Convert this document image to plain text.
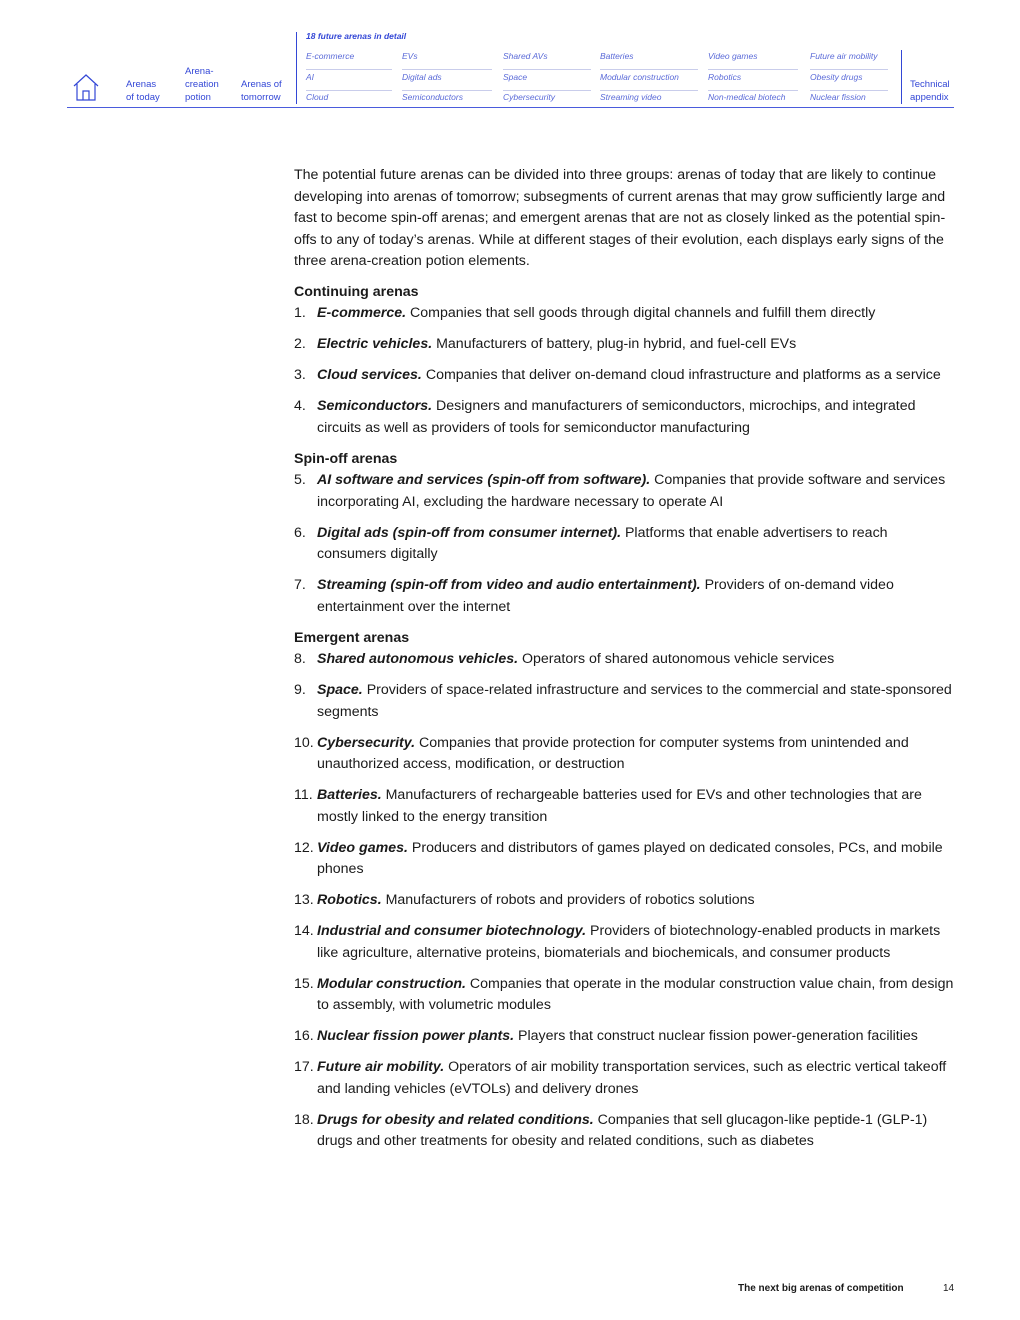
Arenas
of today
Arena-
creation
potion
Arenas of
tomorrow
18 future arenas in detail
E-commerce	EVs	Shared AVs	Batteries	Video games	Future air mobility
AI	Digital ads	Space	Modular construction	Robotics	Obesity drugs
Cloud	Semiconductors	Cybersecurity	Streaming video	Non-medical biotech	Nuclear fission
Technical
appendix

The potential future arenas can be divided into three groups: arenas of today that are likely to continue developing into arenas of tomorrow; subsegments of current arenas that may grow sufficiently large and fast to become spin-off arenas; and emergent arenas that are not as closely linked as the potential spin-offs to any of today’s arenas. While at different stages of their evolution, each displays early signs of the three arena-creation potion elements.

Continuing arenas
1. E-commerce. Companies that sell goods through digital channels and fulfill them directly
2. Electric vehicles. Manufacturers of battery, plug-in hybrid, and fuel-cell EVs
3. Cloud services. Companies that deliver on-demand cloud infrastructure and platforms as a service
4. Semiconductors. Designers and manufacturers of semiconductors, microchips, and integrated circuits as well as providers of tools for semiconductor manufacturing
Spin-off arenas
5. AI software and services (spin-off from software). Companies that provide software and services incorporating AI, excluding the hardware necessary to operate AI
6. Digital ads (spin-off from consumer internet). Platforms that enable advertisers to reach consumers digitally
7. Streaming (spin-off from video and audio entertainment). Providers of on-demand video entertainment over the internet
Emergent arenas
8. Shared autonomous vehicles. Operators of shared autonomous vehicle services
9. Space. Providers of space-related infrastructure and services to the commercial and state-sponsored segments
10. Cybersecurity. Companies that provide protection for computer systems from unintended and unauthorized access, modification, or destruction
11. Batteries. Manufacturers of rechargeable batteries used for EVs and other technologies that are mostly linked to the energy transition
12. Video games. Producers and distributors of games played on dedicated consoles, PCs, and mobile phones
13. Robotics. Manufacturers of robots and providers of robotics solutions
14. Industrial and consumer biotechnology. Providers of biotechnology-enabled products in markets like agriculture, alternative proteins, biomaterials and biochemicals, and consumer products
15. Modular construction. Companies that operate in the modular construction value chain, from design to assembly, with volumetric modules
16. Nuclear fission power plants. Players that construct nuclear fission power-generation facilities
17. Future air mobility. Operators of air mobility transportation services, such as electric vertical takeoff and landing vehicles (eVTOLs) and delivery drones
18. Drugs for obesity and related conditions. Companies that sell glucagon-like peptide-1 (GLP-1) drugs and other treatments for obesity and related conditions, such as diabetes
The next big arenas of competition	14
